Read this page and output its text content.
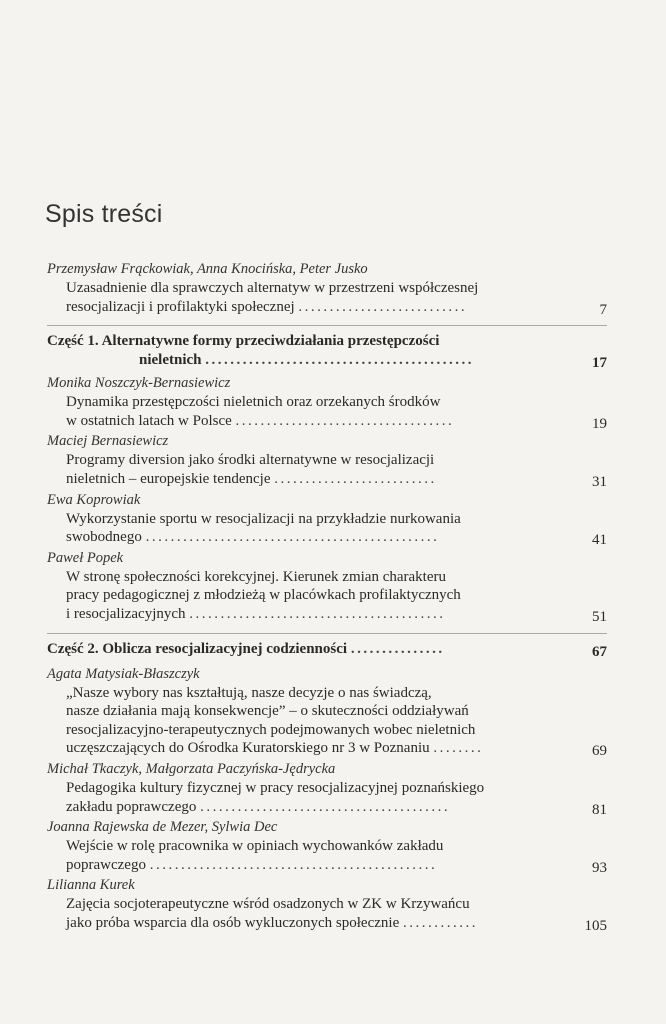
Spis treści
Przemysław Frąckowiak, Anna Knocińska, Peter Jusko
Uzasadnienie dla sprawczych alternatyw w przestrzeni współczesnej
resocjalizacji i profilaktyki społecznej ...........................	7
Część 1. Alternatywne formy przeciwdziałania przestępczości
nieletnich ...........................................	17
Monika Noszczyk-Bernasiewicz
Dynamika przestępczości nieletnich oraz orzekanych środków
w ostatnich latach w Polsce ...................................	19
Maciej Bernasiewicz
Programy diversion jako środki alternatywne w resocjalizacji
nieletnich – europejskie tendencje ..........................	31
Ewa Koprowiak
Wykorzystanie sportu w resocjalizacji na przykładzie nurkowania
swobodnego ...............................................	41
Paweł Popek
W stronę społeczności korekcyjnej. Kierunek zmian charakteru
pracy pedagogicznej z młodzieżą w placówkach profilaktycznych
i resocjalizacyjnych .........................................	51
Część 2. Oblicza resocjalizacyjnej codzienności ...............	67
Agata Matysiak-Błaszczyk
„Nasze wybory nas kształtują, nasze decyzje o nas świadczą,
nasze działania mają konsekwencje” – o skuteczności oddziaływań
resocjalizacyjno-terapeutycznych podejmowanych wobec nieletnich
uczęszczających do Ośrodka Kuratorskiego nr 3 w Poznaniu ........	69
Michał Tkaczyk, Małgorzata Paczyńska-Jędrycka
Pedagogika kultury fizycznej w pracy resocjalizacyjnej poznańskiego
zakładu poprawczego ........................................	81
Joanna Rajewska de Mezer, Sylwia Dec
Wejście w rolę pracownika w opiniach wychowanków zakładu
poprawczego ..............................................	93
Lilianna Kurek
Zajęcia socjoterapeutyczne wśród osadzonych w ZK w Krzywańcu
jako próba wsparcia dla osób wykluczonych społecznie ............	105
